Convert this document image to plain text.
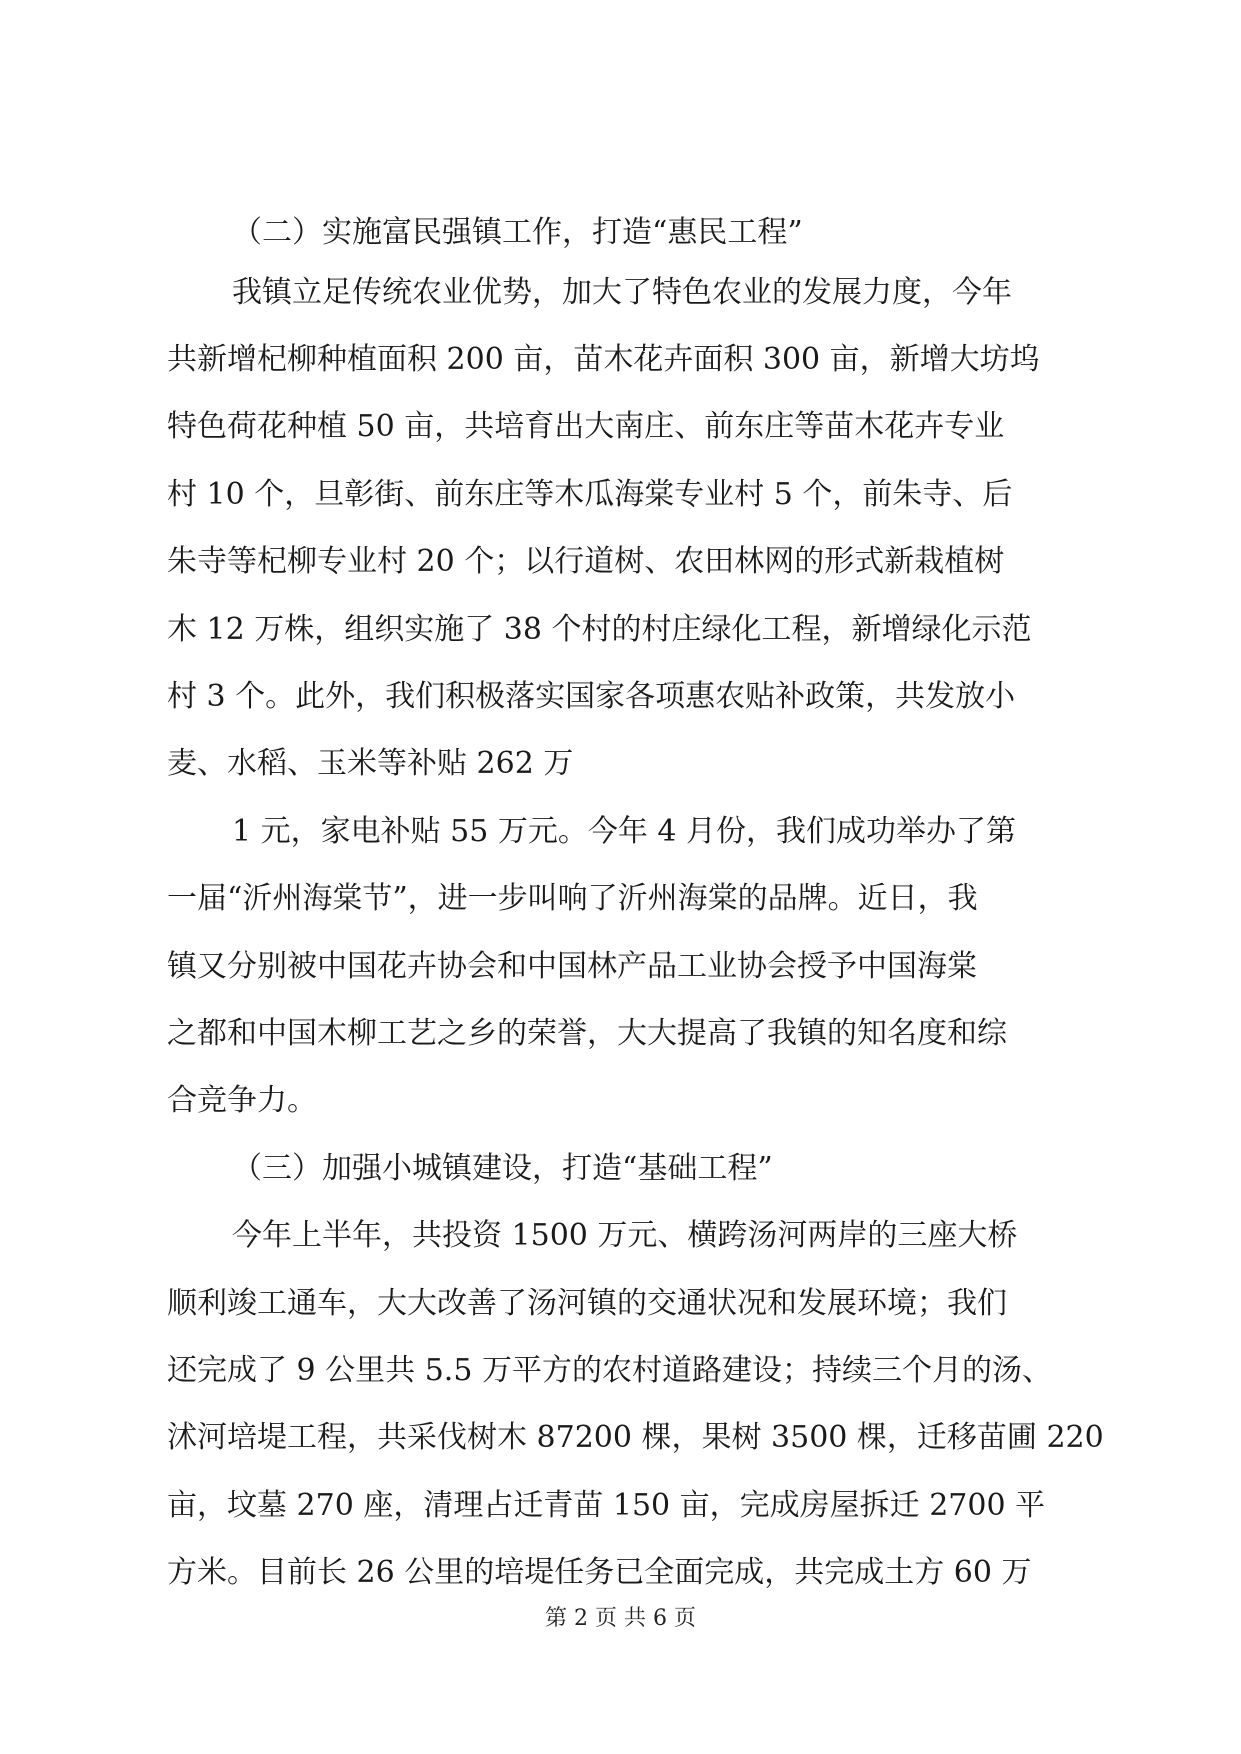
（二）实施富民强镇工作，打造“惠民工程”
我镇立足传统农业优势，加大了特色农业的发展力度，今年
共新增杞柳种植面积 200 亩，苗木花卉面积 300 亩，新增大坊坞
特色荷花种植 50 亩，共培育出大南庄、前东庄等苗木花卉专业
村 10 个，旦彰街、前东庄等木瓜海棠专业村 5 个，前朱寺、后
朱寺等杞柳专业村 20 个；以行道树、农田林网的形式新栽植树
木 12 万株，组织实施了 38 个村的村庄绿化工程，新增绿化示范
村 3 个。此外，我们积极落实国家各项惠农贴补政策，共发放小
麦、水稻、玉米等补贴 262 万
1 元，家电补贴 55 万元。今年 4 月份，我们成功举办了第
一届“沂州海棠节”，进一步叫响了沂州海棠的品牌。近日，我
镇又分别被中国花卉协会和中国林产品工业协会授予中国海棠
之都和中国木柳工艺之乡的荣誉，大大提高了我镇的知名度和综
合竞争力。
（三）加强小城镇建设，打造“基础工程”
今年上半年，共投资 1500 万元、横跨汤河两岸的三座大桥
顺利竣工通车，大大改善了汤河镇的交通状况和发展环境；我们
还完成了 9 公里共 5.5 万平方的农村道路建设；持续三个月的汤、
沭河培堤工程，共采伐树木 87200 棵，果树 3500 棵，迁移苗圃 220
亩，坟墓 270 座，清理占迁青苗 150 亩，完成房屋拆迁 2700 平
方米。目前长 26 公里的培堤任务已全面完成，共完成土方 60 万
第 2 页 共 6 页
